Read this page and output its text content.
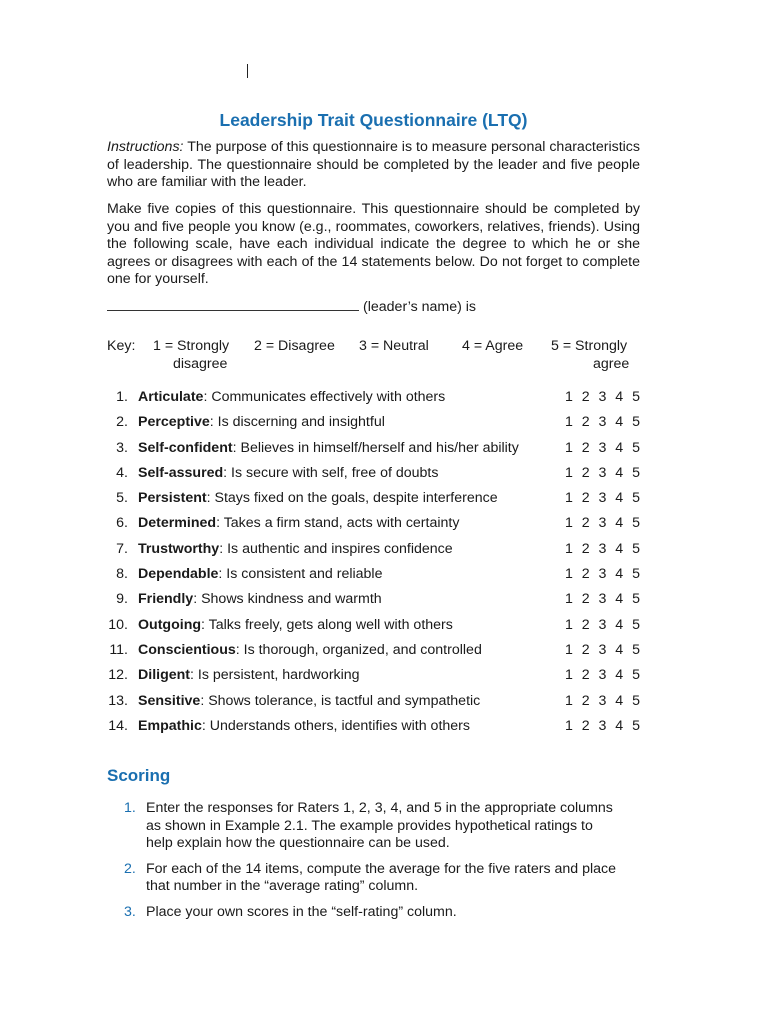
Leadership Trait Questionnaire (LTQ)
Instructions: The purpose of this questionnaire is to measure personal characteristics of leadership. The questionnaire should be completed by the leader and five people who are familiar with the leader.
Make five copies of this questionnaire. This questionnaire should be completed by you and five people you know (e.g., roommates, coworkers, relatives, friends). Using the following scale, have each individual indicate the degree to which he or she agrees or disagrees with each of the 14 statements below. Do not forget to complete one for yourself.
(leader’s name) is
Key: 1 = Strongly
disagree
2 = Disagree 3 = Neutral 4 = Agree 5 = Strongly
agree
1. Articulate: Communicates effectively with others	1 2 3 4 5
2. Perceptive: Is discerning and insightful	1 2 3 4 5
3. Self-confident: Believes in himself/herself and his/her ability	1 2 3 4 5
4. Self-assured: Is secure with self, free of doubts	1 2 3 4 5
5. Persistent: Stays fixed on the goals, despite interference	1 2 3 4 5
6. Determined: Takes a firm stand, acts with certainty	1 2 3 4 5
7. Trustworthy: Is authentic and inspires confidence	1 2 3 4 5
8. Dependable: Is consistent and reliable	1 2 3 4 5
9. Friendly: Shows kindness and warmth	1 2 3 4 5
10. Outgoing: Talks freely, gets along well with others	1 2 3 4 5
11. Conscientious: Is thorough, organized, and controlled	1 2 3 4 5
12. Diligent: Is persistent, hardworking	1 2 3 4 5
13. Sensitive: Shows tolerance, is tactful and sympathetic	1 2 3 4 5
14. Empathic: Understands others, identifies with others	1 2 3 4 5
Scoring
1. Enter the responses for Raters 1, 2, 3, 4, and 5 in the appropriate columns as shown in Example 2.1. The example provides hypothetical ratings to help explain how the questionnaire can be used.
2. For each of the 14 items, compute the average for the five raters and place that number in the “average rating” column.
3. Place your own scores in the “self-rating” column.
